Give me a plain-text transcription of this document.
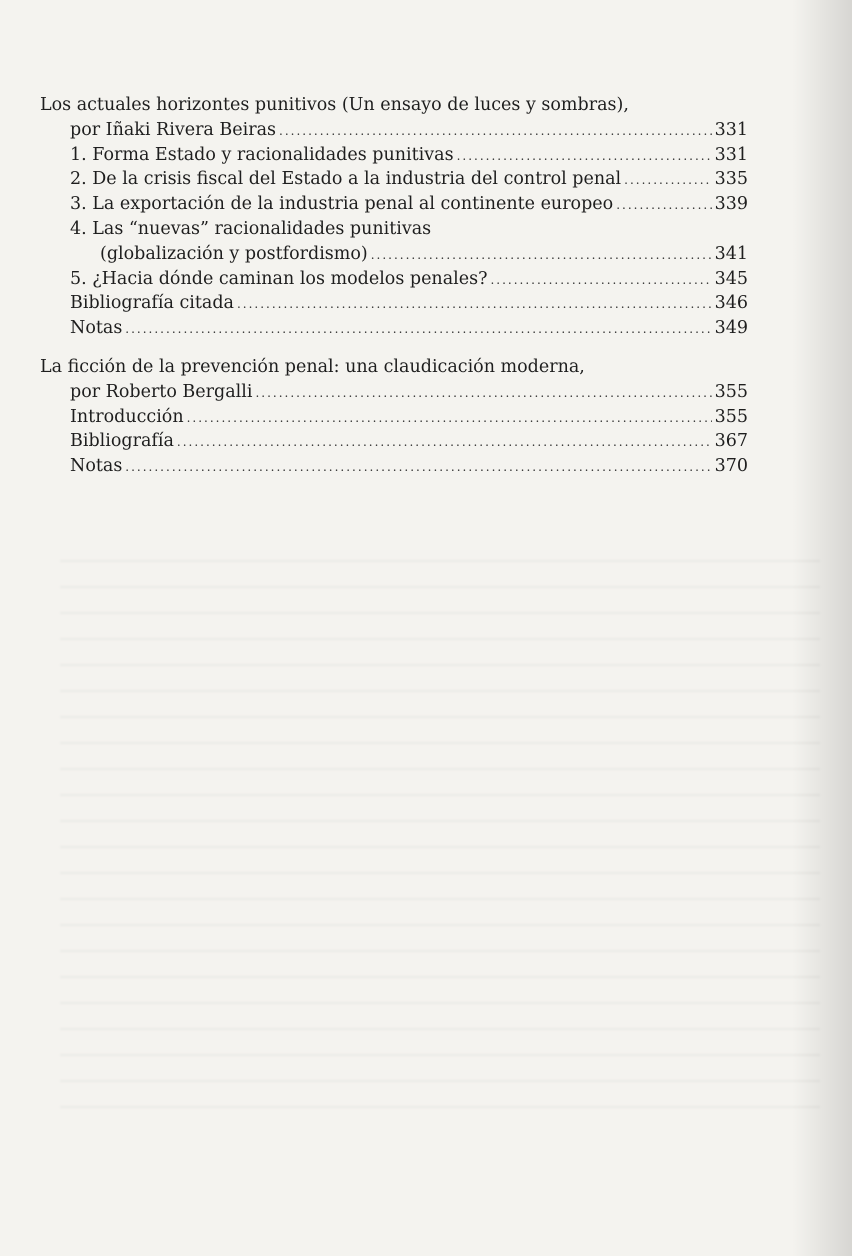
Los actuales horizontes punitivos (Un ensayo de luces y sombras),
por Iñaki Rivera Beiras .....	331
1. Forma Estado y racionalidades punitivas .....	331
2. De la crisis fiscal del Estado a la industria del control penal .....	335
3. La exportación de la industria penal al continente europeo .....	339
4. Las “nuevas” racionalidades punitivas
(globalización y postfordismo) .....	341
5. ¿Hacia dónde caminan los modelos penales? .....	345
Bibliografía citada .....	346
Notas .....	349
La ficción de la prevención penal: una claudicación moderna,
por Roberto Bergalli .....	355
Introducción .....	355
Bibliografía .....	367
Notas .....	370
